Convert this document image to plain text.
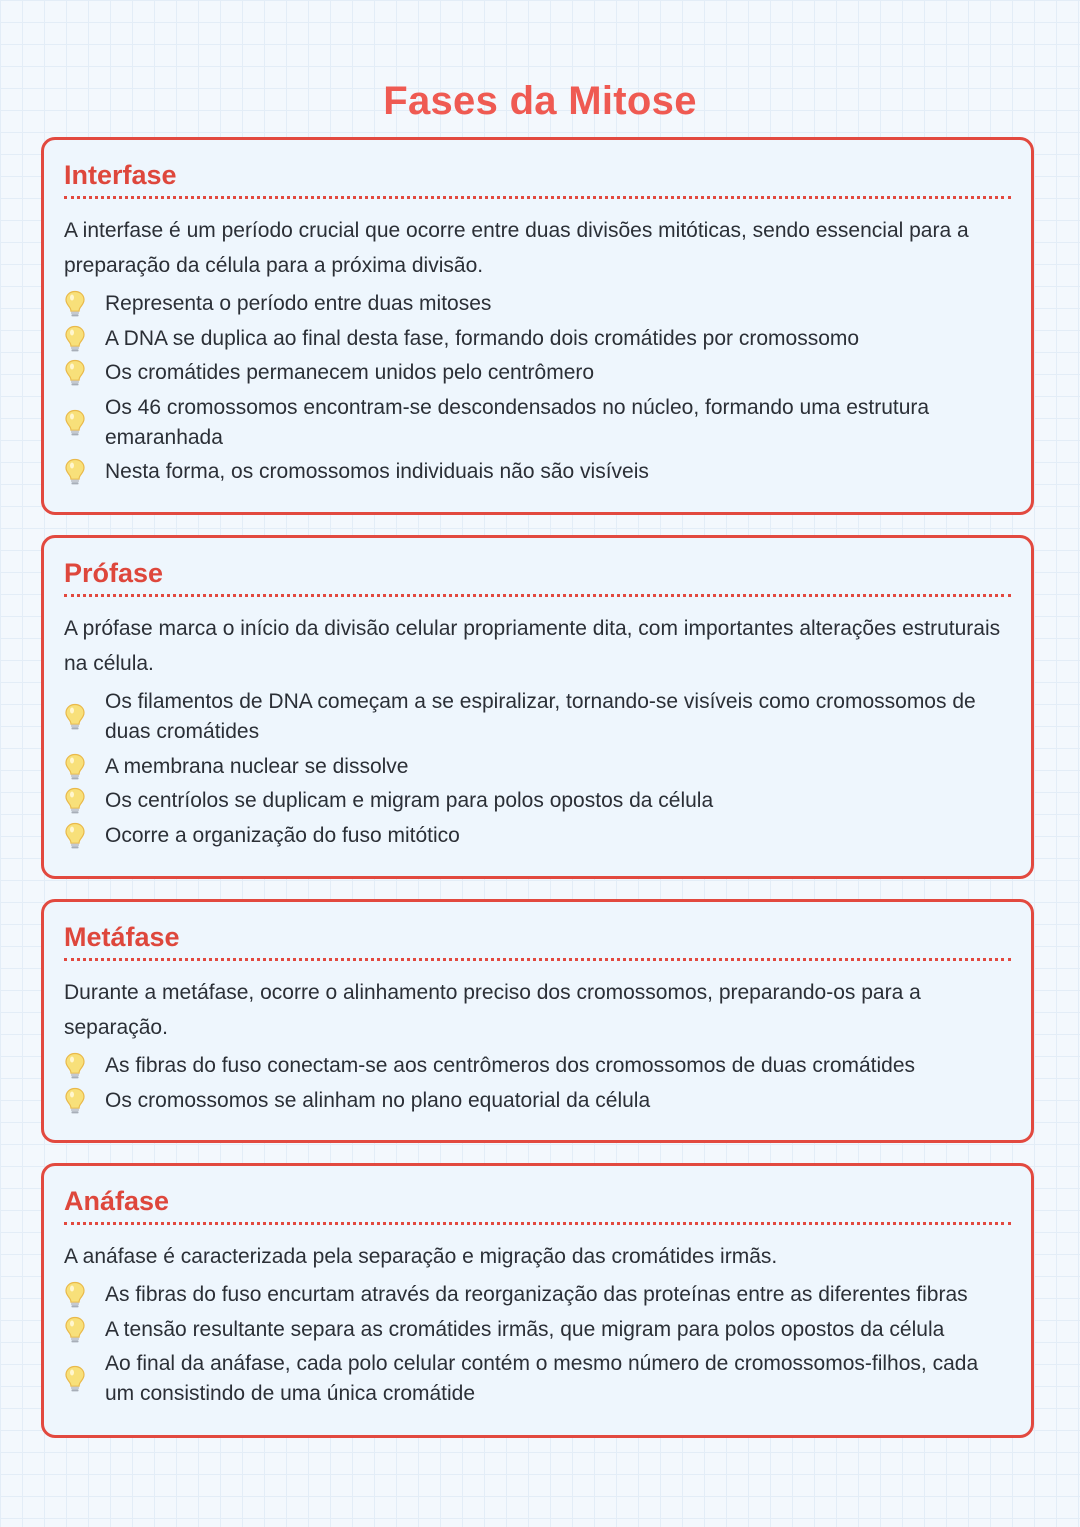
Fases da Mitose
Interfase

A interfase é um período crucial que ocorre entre duas divisões mitóticas, sendo essencial para a preparação da célula para a próxima divisão.

Representa o período entre duas mitoses
A DNA se duplica ao final desta fase, formando dois cromátides por cromossomo
Os cromátides permanecem unidos pelo centrômero
Os 46 cromossomos encontram-se descondensados no núcleo, formando uma estrutura emaranhada
Nesta forma, os cromossomos individuais não são visíveis
Prófase

A prófase marca o início da divisão celular propriamente dita, com importantes alterações estruturais na célula.

Os filamentos de DNA começam a se espiralizar, tornando-se visíveis como cromossomos de duas cromátides
A membrana nuclear se dissolve
Os centríolos se duplicam e migram para polos opostos da célula
Ocorre a organização do fuso mitótico
Metáfase

Durante a metáfase, ocorre o alinhamento preciso dos cromossomos, preparando-os para a separação.

As fibras do fuso conectam-se aos centrômeros dos cromossomos de duas cromátides
Os cromossomos se alinham no plano equatorial da célula
Anáfase

A anáfase é caracterizada pela separação e migração das cromátides irmãs.

As fibras do fuso encurtam através da reorganização das proteínas entre as diferentes fibras
A tensão resultante separa as cromátides irmãs, que migram para polos opostos da célula
Ao final da anáfase, cada polo celular contém o mesmo número de cromossomos-filhos, cada um consistindo de uma única cromátide
